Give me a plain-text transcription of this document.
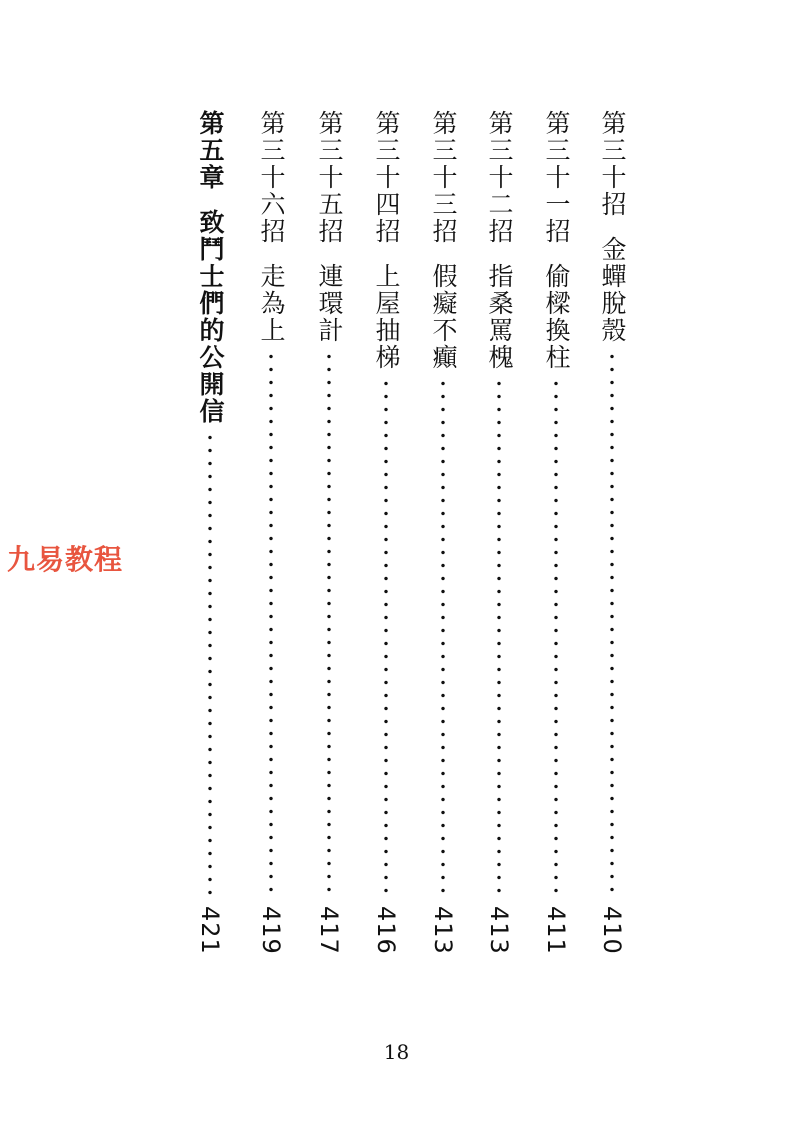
第三十招
金蟬脫殼
410
第三十一招
偷樑換柱
411
第三十二招
指桑罵槐
413
第三十三招
假癡不癲
413
第三十四招
上屋抽梯
416
第三十五招
連環計
417
第三十六招
走為上
419
第五章
致鬥士們的公開信
421
九易教程
18
